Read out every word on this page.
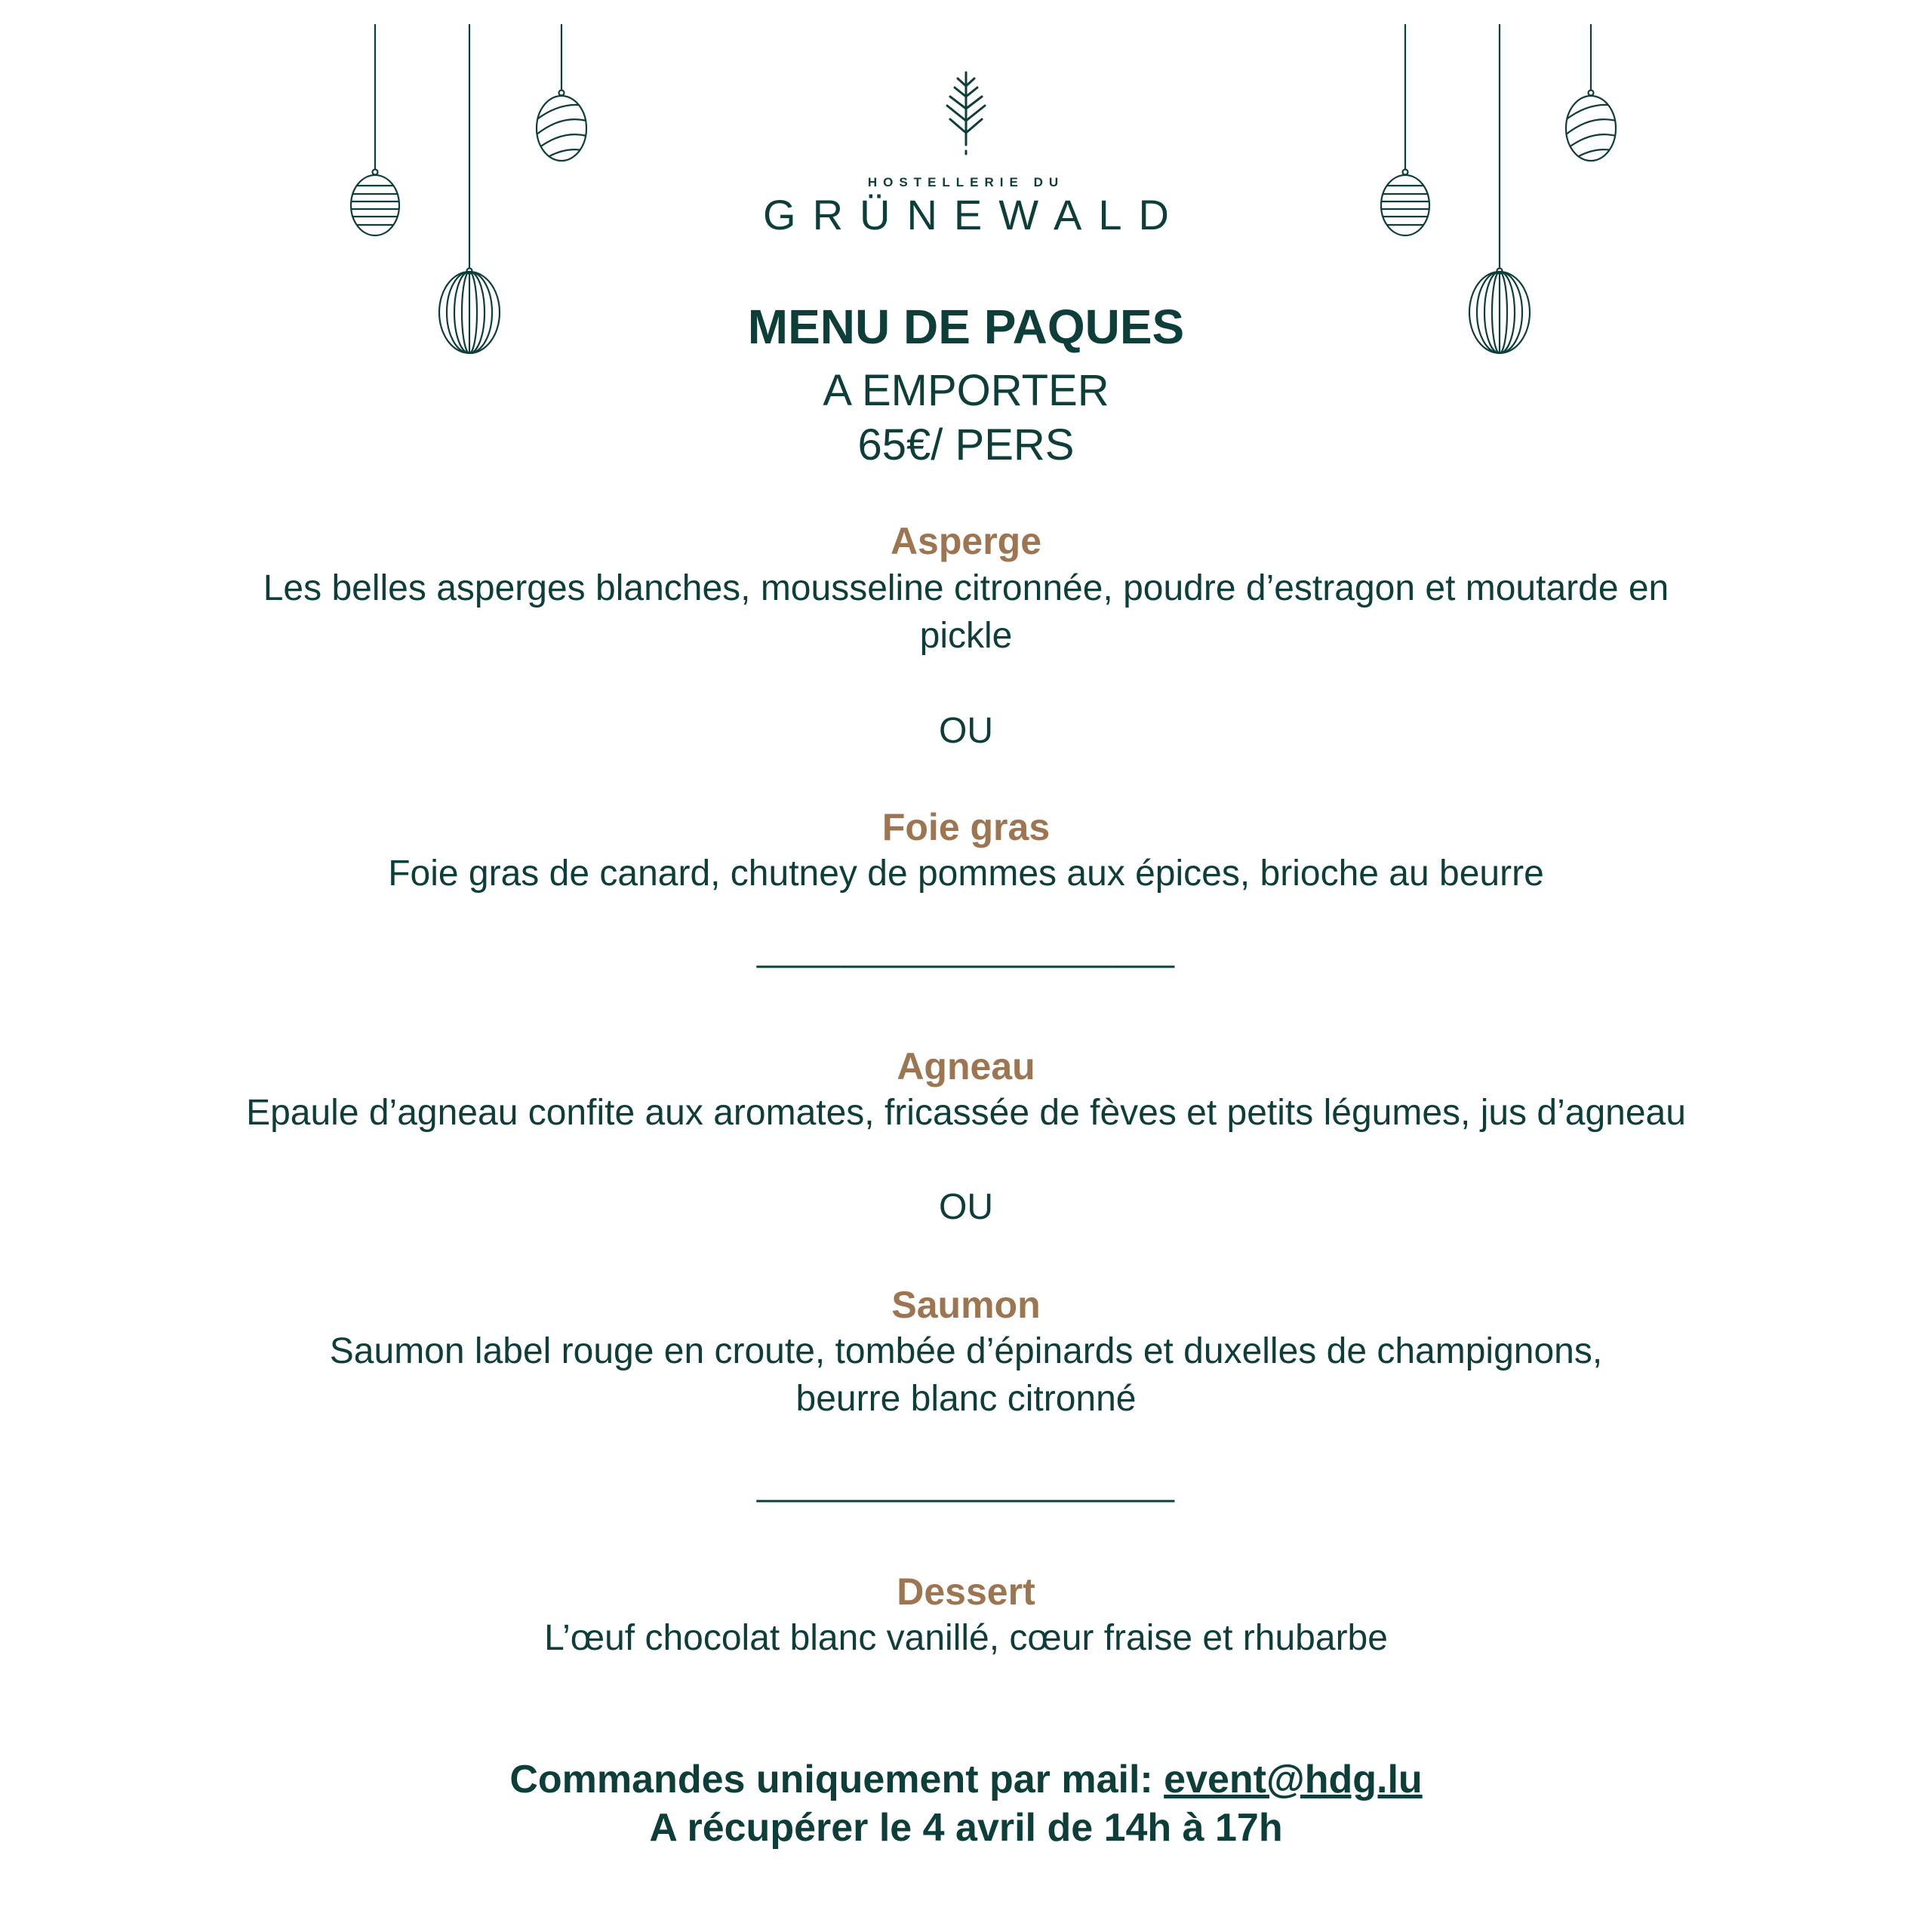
HOSTELLERIE DU
GRÜNEWALD
MENU DE PAQUES
A EMPORTER
65€/ PERS
Asperge
Les belles asperges blanches, mousseline citronnée, poudre d’estragon et moutarde en
pickle
OU
Foie gras
Foie gras de canard, chutney de pommes aux épices, brioche au beurre
____________________
Agneau
Epaule d’agneau confite aux aromates, fricassée de fèves et petits légumes, jus d’agneau
OU
Saumon
Saumon label rouge en croute, tombée d’épinards et duxelles de champignons,
beurre blanc citronné
____________________
Dessert
L’œuf chocolat blanc vanillé, cœur fraise et rhubarbe
Commandes uniquement par mail: event@hdg.lu
A récupérer le 4 avril de 14h à 17h
